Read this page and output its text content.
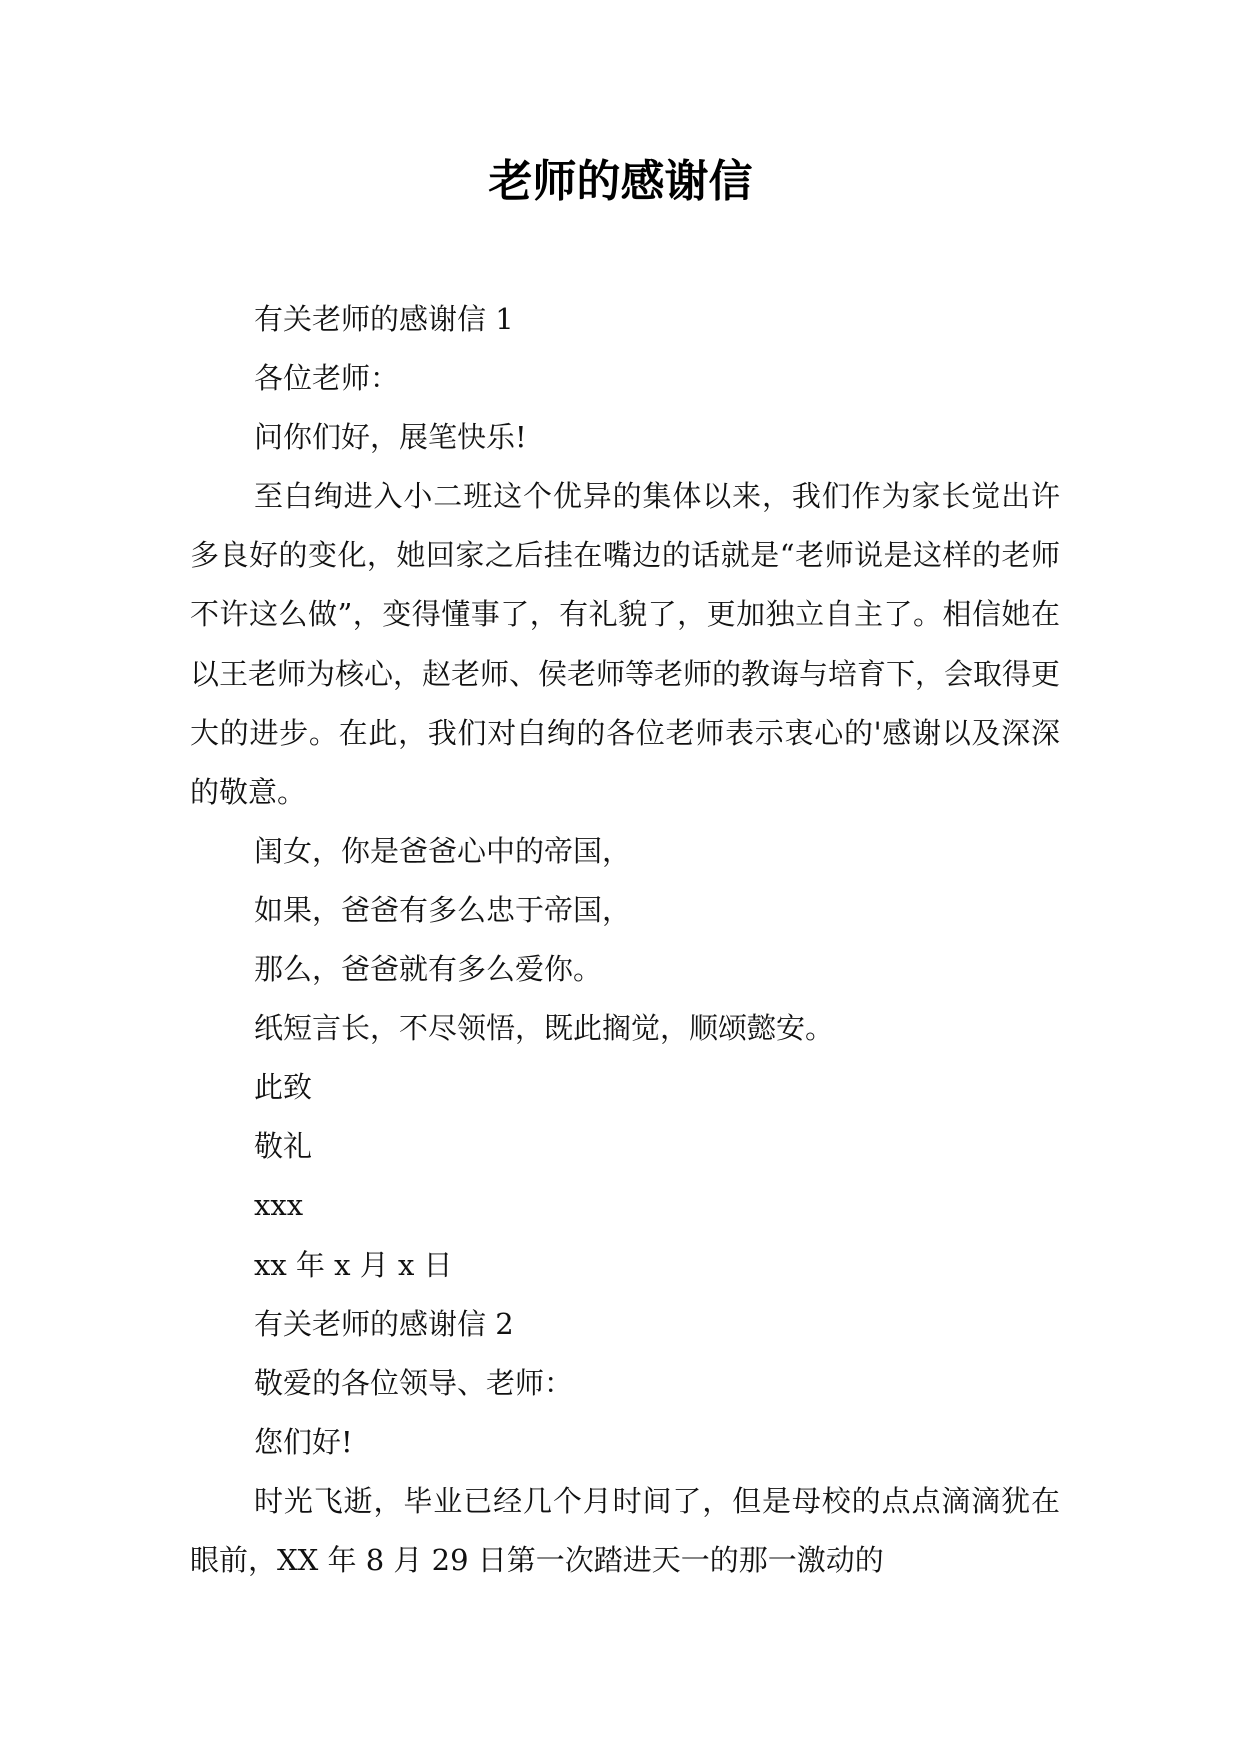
老师的感谢信

有关老师的感谢信 1

各位老师：

问你们好，展笔快乐!

至白绚进入小二班这个优异的集体以来，我们作为家长觉出许多良好的变化，她回家之后挂在嘴边的话就是“老师说是这样的老师不许这么做”，变得懂事了，有礼貌了，更加独立自主了。相信她在以王老师为核心，赵老师、侯老师等老师的教诲与培育下，会取得更大的进步。在此，我们对白绚的各位老师表示衷心的'感谢以及深深的敬意。

闺女，你是爸爸心中的帝国，

如果，爸爸有多么忠于帝国，

那么，爸爸就有多么爱你。

纸短言长，不尽领悟，既此搁觉，顺颂懿安。

此致

敬礼

xxx

xx 年 x 月 x 日

有关老师的感谢信 2

敬爱的各位领导、老师：

您们好!

时光飞逝，毕业已经几个月时间了，但是母校的点点滴滴犹在眼前，XX 年 8 月 29 日第一次踏进天一的那一激动的
